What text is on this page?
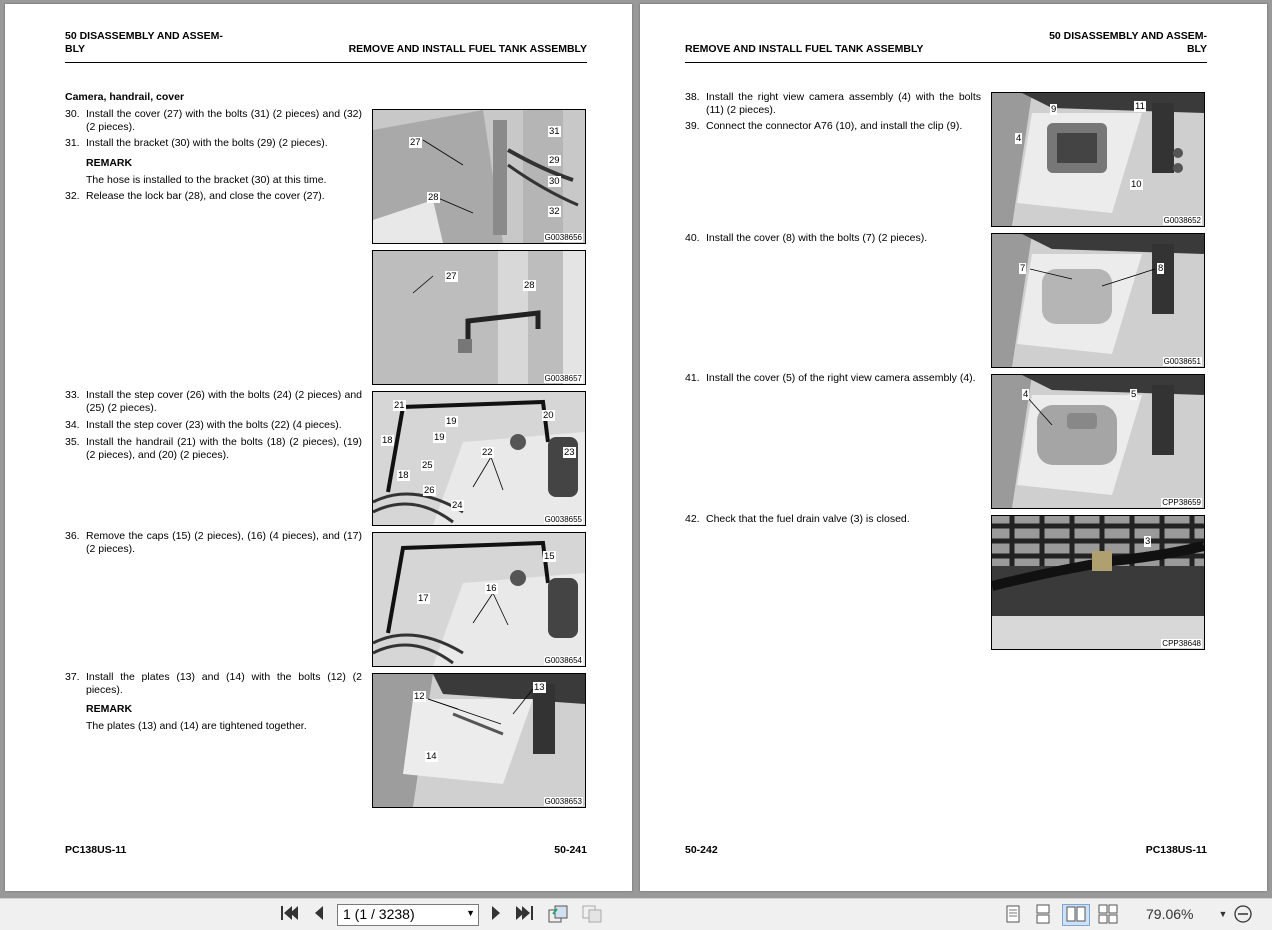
50 DISASSEMBLY AND ASSEM-
BLY	REMOVE AND INSTALL FUEL TANK ASSEMBLY
Camera, handrail, cover
30. Install the cover (27) with the bolts (31) (2 pieces) and (32) (2 pieces).
31. Install the bracket (30) with the bolts (29) (2 pieces).
REMARK
The hose is installed to the bracket (30) at this time.
32. Release the lock bar (28), and close the cover (27).
33. Install the step cover (26) with the bolts (24) (2 pieces) and (25) (2 pieces).
34. Install the step cover (23) with the bolts (22) (4 pieces).
35. Install the handrail (21) with the bolts (18) (2 pieces), (19) (2 pieces), and (20) (2 pieces).
36. Remove the caps (15) (2 pieces), (16) (4 pieces), and (17) (2 pieces).
37. Install the plates (13) and (14) with the bolts (12) (2 pieces).
REMARK
The plates (13) and (14) are tightened together.
27
31
29
30
28
32
G0038656
27
28
G0038657
21
19
20
18	19
22	23
25
18
26
24
G0038655
15
16
17
G0038654
12
13
14
G0038653
PC138US-11	50-241
REMOVE AND INSTALL FUEL TANK ASSEMBLY
50 DISASSEMBLY AND ASSEM-
BLY
38. Install the right view camera assembly (4) with the bolts (11) (2 pieces).
39. Connect the connector A76 (10), and install the clip (9).
40. Install the cover (8) with the bolts (7) (2 pieces).
41. Install the cover (5) of the right view camera assembly (4).
42. Check that the fuel drain valve (3) is closed.
9	11
4
10
G0038652
7	8
G0038651
4	5
CPP38659
3
CPP38648
50-242	PC138US-11
1 (1 / 3238)	▼	79.06%	▼
